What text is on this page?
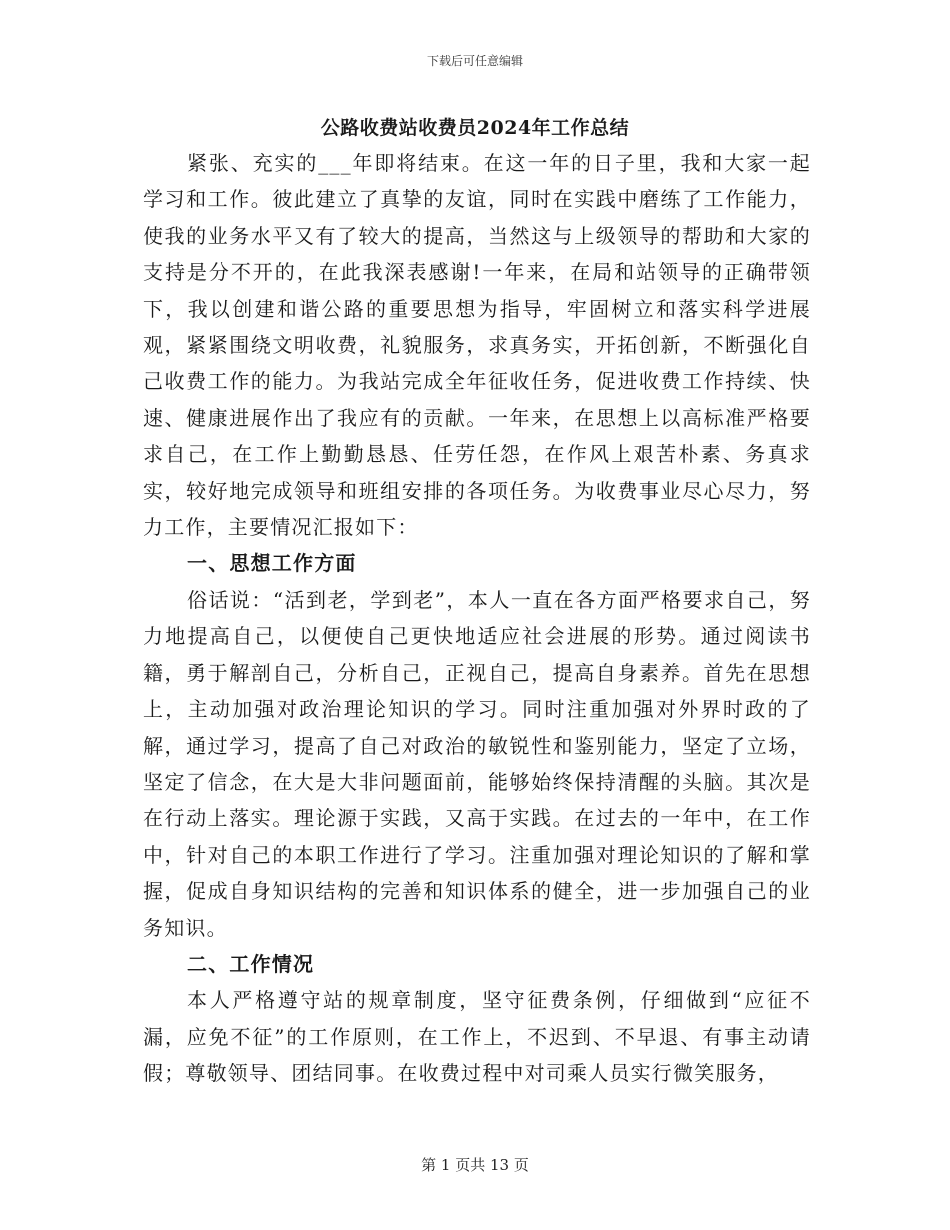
下载后可任意编辑
公路收费站收费员2024年工作总结

紧张、充实的___年即将结束。在这一年的日子里，我和大家一起学习和工作。彼此建立了真挚的友谊，同时在实践中磨练了工作能力，使我的业务水平又有了较大的提高，当然这与上级领导的帮助和大家的支持是分不开的，在此我深表感谢!一年来，在局和站领导的正确带领下，我以创建和谐公路的重要思想为指导，牢固树立和落实科学进展观，紧紧围绕文明收费，礼貌服务，求真务实，开拓创新，不断强化自己收费工作的能力。为我站完成全年征收任务，促进收费工作持续、快速、健康进展作出了我应有的贡献。一年来，在思想上以高标准严格要求自己，在工作上勤勤恳恳、任劳任怨，在作风上艰苦朴素、务真求实，较好地完成领导和班组安排的各项任务。为收费事业尽心尽力，努力工作，主要情况汇报如下：

一、思想工作方面

俗话说：“活到老，学到老”，本人一直在各方面严格要求自己，努力地提高自己，以便使自己更快地适应社会进展的形势。通过阅读书籍，勇于解剖自己，分析自己，正视自己，提高自身素养。首先在思想上，主动加强对政治理论知识的学习。同时注重加强对外界时政的了解，通过学习，提高了自己对政治的敏锐性和鉴别能力，坚定了立场，坚定了信念，在大是大非问题面前，能够始终保持清醒的头脑。其次是在行动上落实。理论源于实践，又高于实践。在过去的一年中，在工作中，针对自己的本职工作进行了学习。注重加强对理论知识的了解和掌握，促成自身知识结构的完善和知识体系的健全，进一步加强自己的业务知识。

二、工作情况

本人严格遵守站的规章制度，坚守征费条例，仔细做到“应征不漏，应免不征”的工作原则，在工作上，不迟到、不早退、有事主动请假；尊敬领导、团结同事。在收费过程中对司乘人员实行微笑服务，

第 1 页共 13 页
